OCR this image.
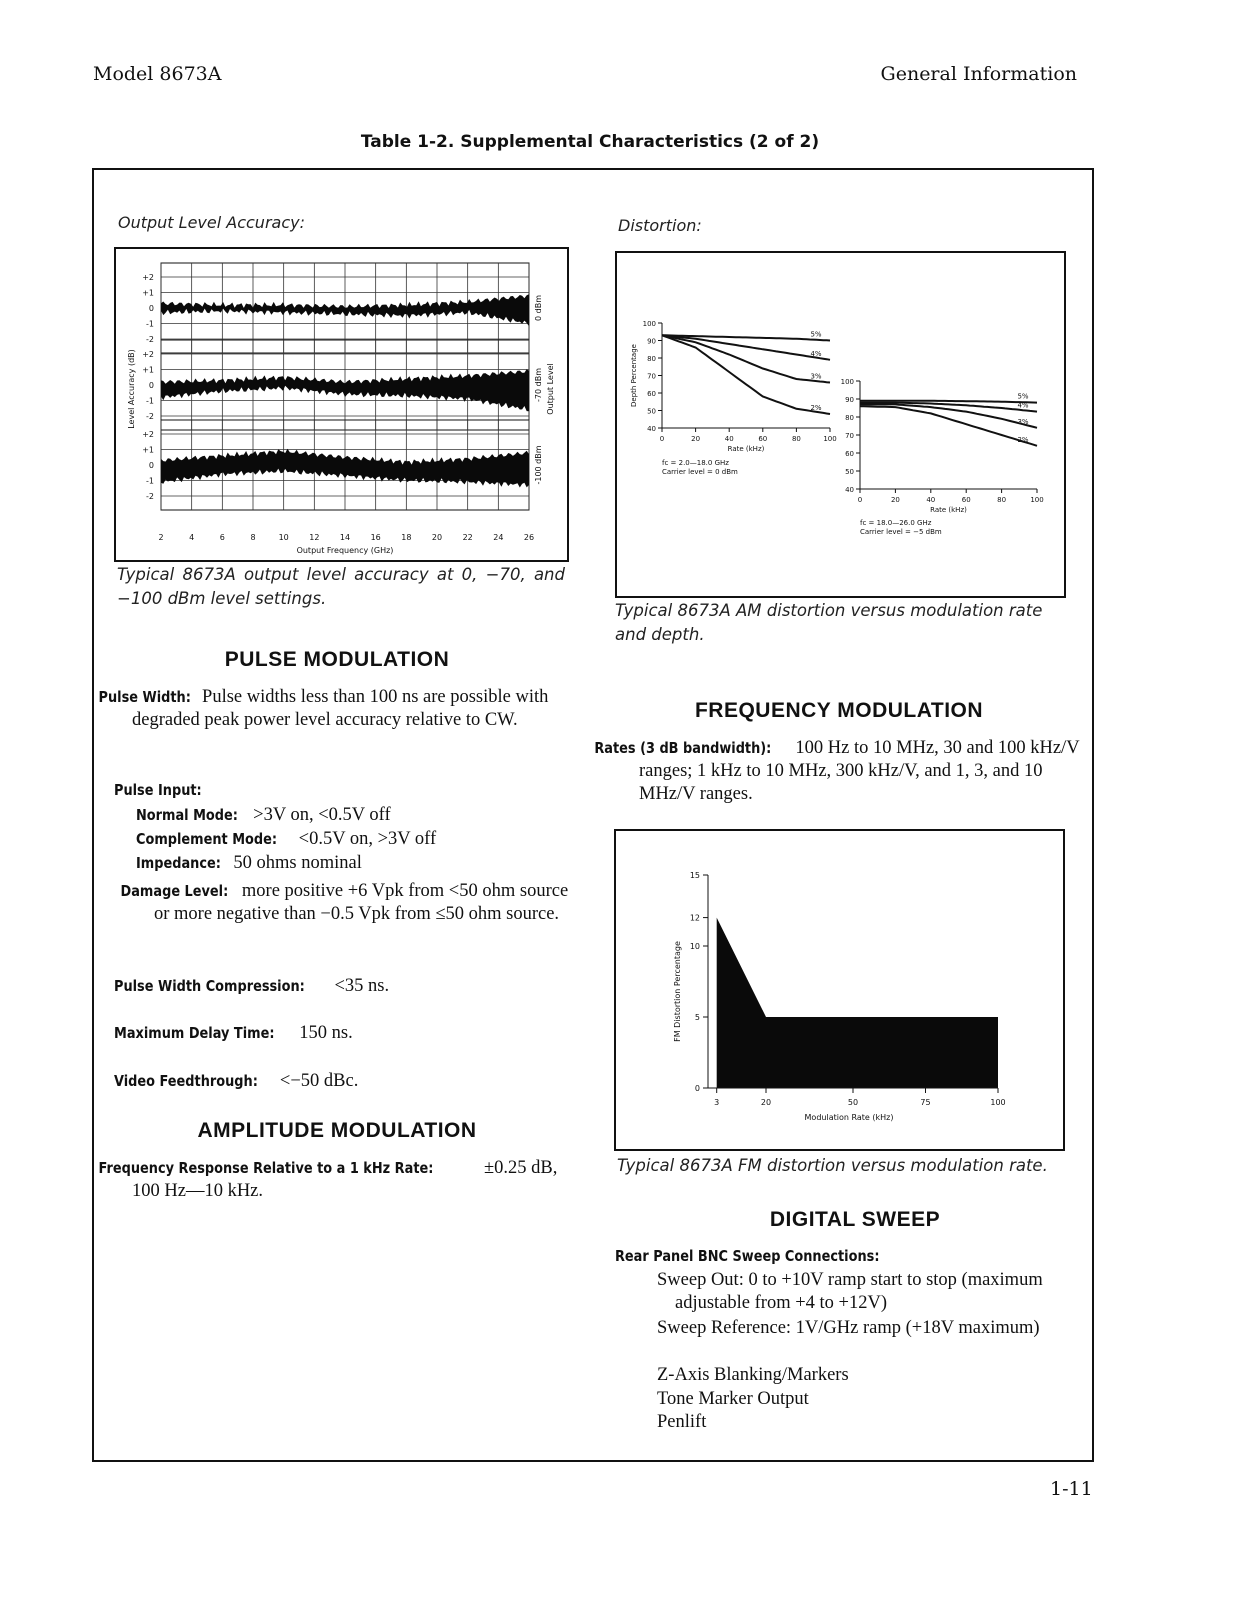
Model 8673A	General Information
Table 1-2. Supplemental Characteristics (2 of 2)
Output Level Accuracy:
+2
+1
0
-1
-2
0 dBm
+2
+1
0
-1
-2
-70 dBm
+2
+1
0
-1
-2
-100 dBm
2	4	6	8	10	12	14	16	18	20	22	24	26
Output Frequency (GHz)
Level Accuracy (dB)	Output Level
Typical 8673A output level accuracy at 0, −70, and −100 dBm level settings.
PULSE MODULATION
Pulse Width: Pulse widths less than 100 ns are possible with degraded peak power level accuracy relative to CW.
Pulse Input:
Normal Mode: >3V on, <0.5V off
Complement Mode: <0.5V on, >3V off
Impedance: 50 ohms nominal
Damage Level: more positive +6 Vpk from <50 ohm source or more negative than −0.5 Vpk from ≤50 ohm source.
Pulse Width Compression: <35 ns.
Maximum Delay Time: 150 ns.
Video Feedthrough: <−50 dBc.
AMPLITUDE MODULATION
Frequency Response Relative to a 1 kHz Rate:	±0.25 dB, 100 Hz—10 kHz.
Distortion:
100
90
80
70
60
50
40
0	20	40	60	80	100
Rate (kHz)
Depth Percentage
5%
4%
3%
2%
fc = 2.0—18.0 GHz
Carrier level = 0 dBm
100
90
80
70
60
50
40
0	20	40	60	80	100
Rate (kHz)
5%
4%
3%
2%
fc = 18.0—26.0 GHz
Carrier level = −5 dBm
Typical 8673A AM distortion versus modulation rate and depth.
FREQUENCY MODULATION
Rates (3 dB bandwidth): 100 Hz to 10 MHz, 30 and 100 kHz/V ranges; 1 kHz to 10 MHz, 300 kHz/V, and 1, 3, and 10 MHz/V ranges.
15
12
10
5
0
3	20	50	75	100
Modulation Rate (kHz)
FM Distortion Percentage
Typical 8673A FM distortion versus modulation rate.
DIGITAL SWEEP
Rear Panel BNC Sweep Connections:
Sweep Out: 0 to +10V ramp start to stop (maximum adjustable from +4 to +12V)
Sweep Reference: 1V/GHz ramp (+18V maximum)
Z-Axis Blanking/Markers
Tone Marker Output
Penlift
1-11
